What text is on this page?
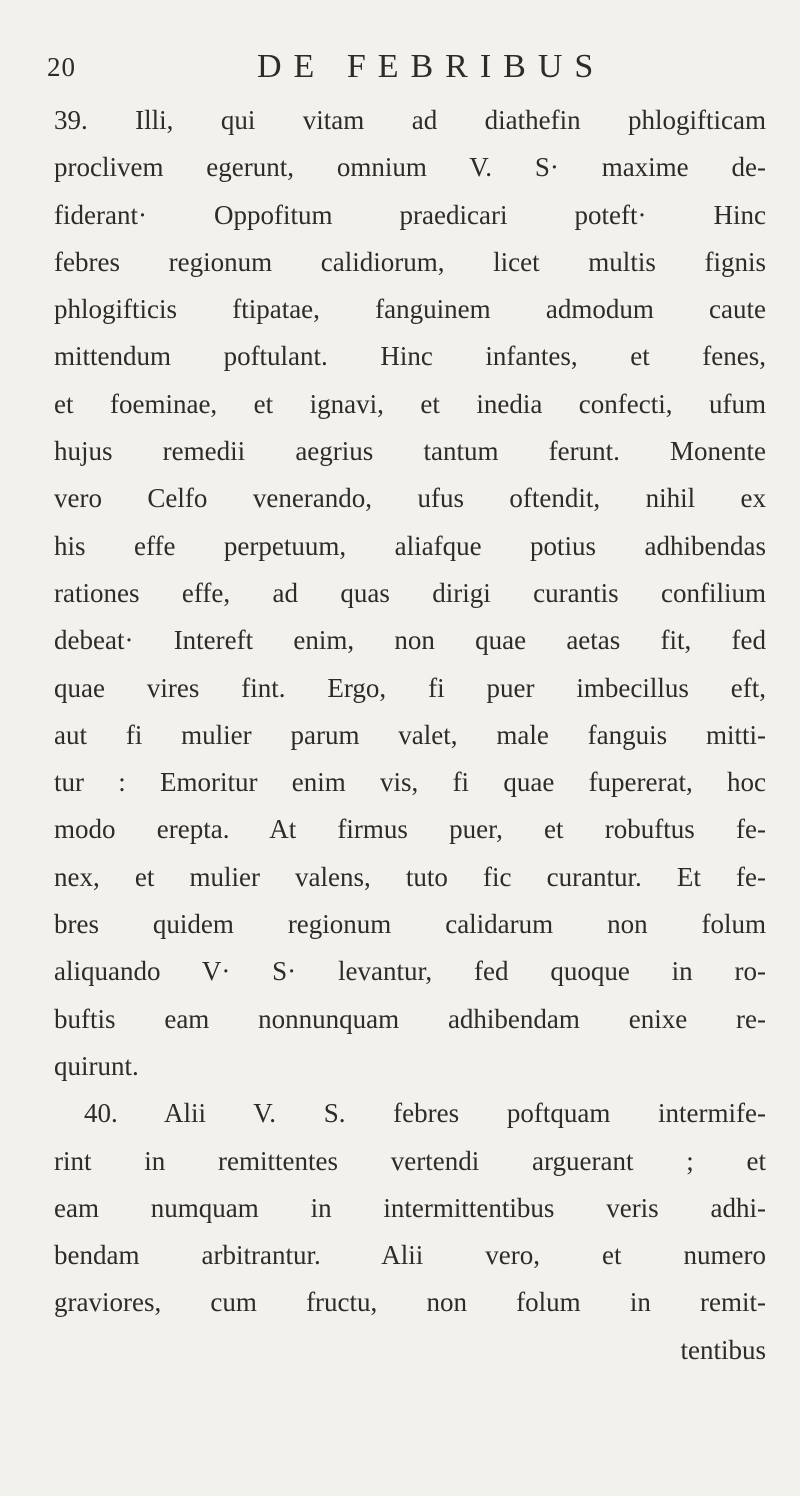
20	DE FEBRIBUS
39. Illi, qui vitam ad diathefin phlogifticam
proclivem egerunt, omnium V. S· maxime de-
fiderant· Oppofitum praedicari poteft· Hinc
febres regionum calidiorum, licet multis fignis
phlogifticis ftipatae, fanguinem admodum caute
mittendum poftulant. Hinc infantes, et fenes,
et foeminae, et ignavi, et inedia confecti, ufum
hujus remedii aegrius tantum ferunt. Monente
vero Celfo venerando, ufus oftendit, nihil ex
his effe perpetuum, aliafque potius adhibendas
rationes effe, ad quas dirigi curantis confilium
debeat· Intereft enim, non quae aetas fit, fed
quae vires fint. Ergo, fi puer imbecillus eft,
aut fi mulier parum valet, male fanguis mitti-
tur : Emoritur enim vis, fi quae fupererat, hoc
modo erepta. At firmus puer, et robuftus fe-
nex, et mulier valens, tuto fic curantur. Et fe-
bres quidem regionum calidarum non folum
aliquando V· S· levantur, fed quoque in ro-
buftis eam nonnunquam adhibendam enixe re-
quirunt.
40. Alii V. S. febres poftquam intermife-
rint in remittentes vertendi arguerant ; et
eam numquam in intermittentibus veris adhi-
bendam arbitrantur. Alii vero, et numero
graviores, cum fructu, non folum in remit-
tentibus
